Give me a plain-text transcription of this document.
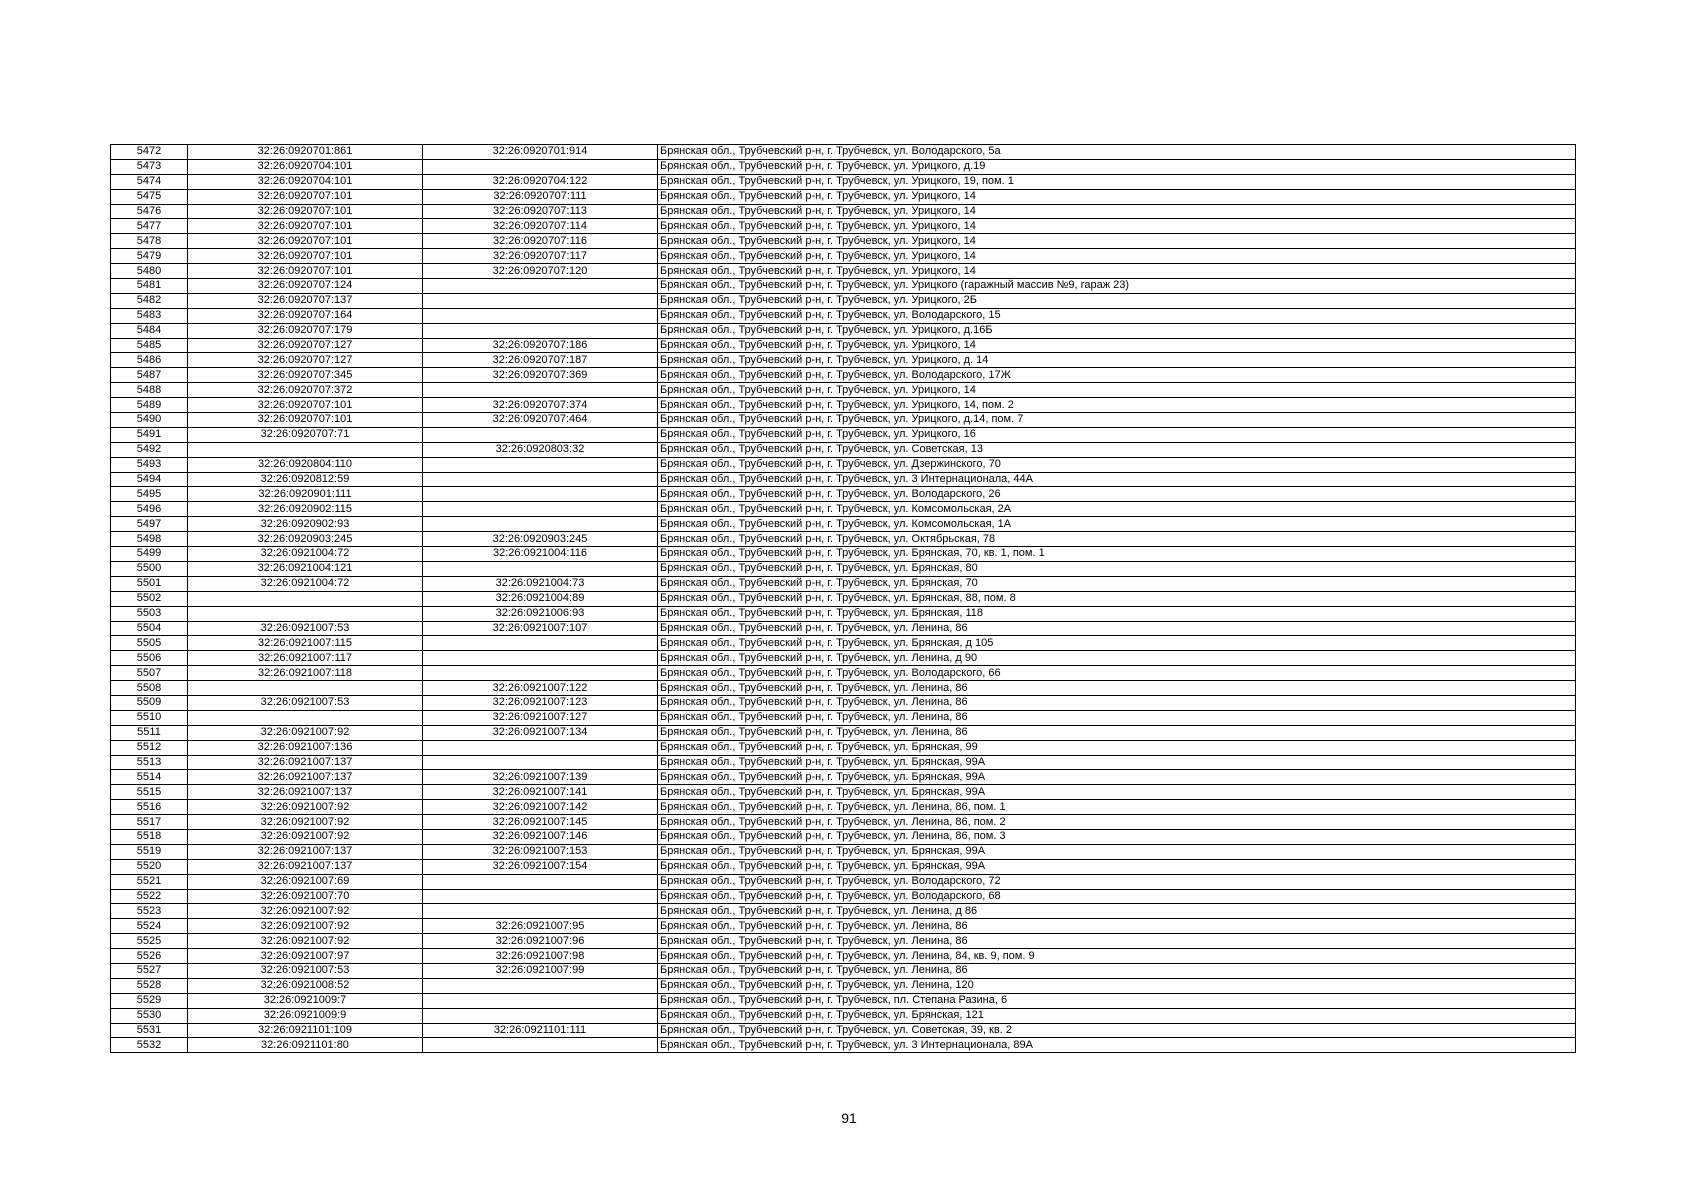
5472	32:26:0920701:861	32:26:0920701:914	Брянская обл., Трубчевский р-н, г. Трубчевск, ул. Володарского, 5а
5473	32:26:0920704:101		Брянская обл., Трубчевский р-н, г. Трубчевск, ул. Урицкого, д.19
5474	32:26:0920704:101	32:26:0920704:122	Брянская обл., Трубчевский р-н, г. Трубчевск, ул. Урицкого, 19, пом. 1
5475	32:26:0920707:101	32:26:0920707:111	Брянская обл., Трубчевский р-н, г. Трубчевск, ул. Урицкого, 14
5476	32:26:0920707:101	32:26:0920707:113	Брянская обл., Трубчевский р-н, г. Трубчевск, ул. Урицкого, 14
5477	32:26:0920707:101	32:26:0920707:114	Брянская обл., Трубчевский р-н, г. Трубчевск, ул. Урицкого, 14
5478	32:26:0920707:101	32:26:0920707:116	Брянская обл., Трубчевский р-н, г. Трубчевск, ул. Урицкого, 14
5479	32:26:0920707:101	32:26:0920707:117	Брянская обл., Трубчевский р-н, г. Трубчевск, ул. Урицкого, 14
5480	32:26:0920707:101	32:26:0920707:120	Брянская обл., Трубчевский р-н, г. Трубчевск, ул. Урицкого, 14
5481	32:26:0920707:124		Брянская обл., Трубчевский р-н, г. Трубчевск, ул. Урицкого (гаражный массив №9, гараж 23)
5482	32:26:0920707:137		Брянская обл., Трубчевский р-н, г. Трубчевск, ул. Урицкого, 2Б
5483	32:26:0920707:164		Брянская обл., Трубчевский р-н, г. Трубчевск, ул. Володарского, 15
5484	32:26:0920707:179		Брянская обл., Трубчевский р-н, г. Трубчевск, ул. Урицкого, д.16Б
5485	32:26:0920707:127	32:26:0920707:186	Брянская обл., Трубчевский р-н, г. Трубчевск, ул. Урицкого, 14
5486	32:26:0920707:127	32:26:0920707:187	Брянская обл., Трубчевский р-н, г. Трубчевск, ул. Урицкого, д. 14
5487	32:26:0920707:345	32:26:0920707:369	Брянская обл., Трубчевский р-н, г. Трубчевск, ул. Володарского, 17Ж
5488	32:26:0920707:372		Брянская обл., Трубчевский р-н, г. Трубчевск, ул. Урицкого, 14
5489	32:26:0920707:101	32:26:0920707:374	Брянская обл., Трубчевский р-н, г. Трубчевск, ул. Урицкого, 14, пом. 2
5490	32:26:0920707:101	32:26:0920707:464	Брянская обл., Трубчевский р-н, г. Трубчевск, ул. Урицкого, д.14, пом. 7
5491	32:26:0920707:71		Брянская обл., Трубчевский р-н, г. Трубчевск, ул. Урицкого, 16
5492		32:26:0920803:32	Брянская обл., Трубчевский р-н, г. Трубчевск, ул. Советская, 13
5493	32:26:0920804:110		Брянская обл., Трубчевский р-н, г. Трубчевск, ул. Дзержинского, 70
5494	32:26:0920812:59		Брянская обл., Трубчевский р-н, г. Трубчевск, ул. 3 Интернационала, 44А
5495	32:26:0920901:111		Брянская обл., Трубчевский р-н, г. Трубчевск, ул. Володарского, 26
5496	32:26:0920902:115		Брянская обл., Трубчевский р-н, г. Трубчевск, ул. Комсомольская, 2А
5497	32:26:0920902:93		Брянская обл., Трубчевский р-н, г. Трубчевск, ул. Комсомольская, 1А
5498	32:26:0920903:245	32:26:0920903:245	Брянская обл., Трубчевский р-н, г. Трубчевск, ул. Октябрьская, 78
5499	32:26:0921004:72	32:26:0921004:116	Брянская обл., Трубчевский р-н, г. Трубчевск, ул. Брянская, 70, кв. 1, пом. 1
5500	32:26:0921004:121		Брянская обл., Трубчевский р-н, г. Трубчевск, ул. Брянская, 80
5501	32:26:0921004:72	32:26:0921004:73	Брянская обл., Трубчевский р-н, г. Трубчевск, ул. Брянская, 70
5502		32:26:0921004:89	Брянская обл., Трубчевский р-н, г. Трубчевск, ул. Брянская, 88, пом. 8
5503		32:26:0921006:93	Брянская обл., Трубчевский р-н, г. Трубчевск, ул. Брянская, 118
5504	32:26:0921007:53	32:26:0921007:107	Брянская обл., Трубчевский р-н, г. Трубчевск, ул. Ленина, 86
5505	32:26:0921007:115		Брянская обл., Трубчевский р-н, г. Трубчевск, ул. Брянская, д 105
5506	32:26:0921007:117		Брянская обл., Трубчевский р-н, г. Трубчевск, ул. Ленина, д 90
5507	32:26:0921007:118		Брянская обл., Трубчевский р-н, г. Трубчевск, ул. Володарского, 66
5508		32:26:0921007:122	Брянская обл., Трубчевский р-н, г. Трубчевск, ул. Ленина, 86
5509	32:26:0921007:53	32:26:0921007:123	Брянская обл., Трубчевский р-н, г. Трубчевск, ул. Ленина, 86
5510		32:26:0921007:127	Брянская обл., Трубчевский р-н, г. Трубчевск, ул. Ленина, 86
5511	32:26:0921007:92	32:26:0921007:134	Брянская обл., Трубчевский р-н, г. Трубчевск, ул. Ленина, 86
5512	32:26:0921007:136		Брянская обл., Трубчевский р-н, г. Трубчевск, ул. Брянская, 99
5513	32:26:0921007:137		Брянская обл., Трубчевский р-н, г. Трубчевск, ул. Брянская, 99А
5514	32:26:0921007:137	32:26:0921007:139	Брянская обл., Трубчевский р-н, г. Трубчевск, ул. Брянская, 99А
5515	32:26:0921007:137	32:26:0921007:141	Брянская обл., Трубчевский р-н, г. Трубчевск, ул. Брянская, 99А
5516	32:26:0921007:92	32:26:0921007:142	Брянская обл., Трубчевский р-н, г. Трубчевск, ул. Ленина, 86, пом. 1
5517	32:26:0921007:92	32:26:0921007:145	Брянская обл., Трубчевский р-н, г. Трубчевск, ул. Ленина, 86, пом. 2
5518	32:26:0921007:92	32:26:0921007:146	Брянская обл., Трубчевский р-н, г. Трубчевск, ул. Ленина, 86, пом. 3
5519	32:26:0921007:137	32:26:0921007:153	Брянская обл., Трубчевский р-н, г. Трубчевск, ул. Брянская, 99А
5520	32:26:0921007:137	32:26:0921007:154	Брянская обл., Трубчевский р-н, г. Трубчевск, ул. Брянская, 99А
5521	32:26:0921007:69		Брянская обл., Трубчевский р-н, г. Трубчевск, ул. Володарского, 72
5522	32:26:0921007:70		Брянская обл., Трубчевский р-н, г. Трубчевск, ул. Володарского, 68
5523	32:26:0921007:92		Брянская обл., Трубчевский р-н, г. Трубчевск, ул. Ленина, д 86
5524	32:26:0921007:92	32:26:0921007:95	Брянская обл., Трубчевский р-н, г. Трубчевск, ул. Ленина, 86
5525	32:26:0921007:92	32:26:0921007:96	Брянская обл., Трубчевский р-н, г. Трубчевск, ул. Ленина, 86
5526	32:26:0921007:97	32:26:0921007:98	Брянская обл., Трубчевский р-н, г. Трубчевск, ул. Ленина, 84, кв. 9, пом. 9
5527	32:26:0921007:53	32:26:0921007:99	Брянская обл., Трубчевский р-н, г. Трубчевск, ул. Ленина, 86
5528	32:26:0921008:52		Брянская обл., Трубчевский р-н, г. Трубчевск, ул. Ленина, 120
5529	32:26:0921009:7		Брянская обл., Трубчевский р-н, г. Трубчевск, пл. Степана Разина, 6
5530	32:26:0921009:9		Брянская обл., Трубчевский р-н, г. Трубчевск, ул. Брянская, 121
5531	32:26:0921101:109	32:26:0921101:111	Брянская обл., Трубчевский р-н, г. Трубчевск, ул. Советская, 39, кв. 2
5532	32:26:0921101:80		Брянская обл., Трубчевский р-н, г. Трубчевск, ул. 3 Интернационала, 89А
91
